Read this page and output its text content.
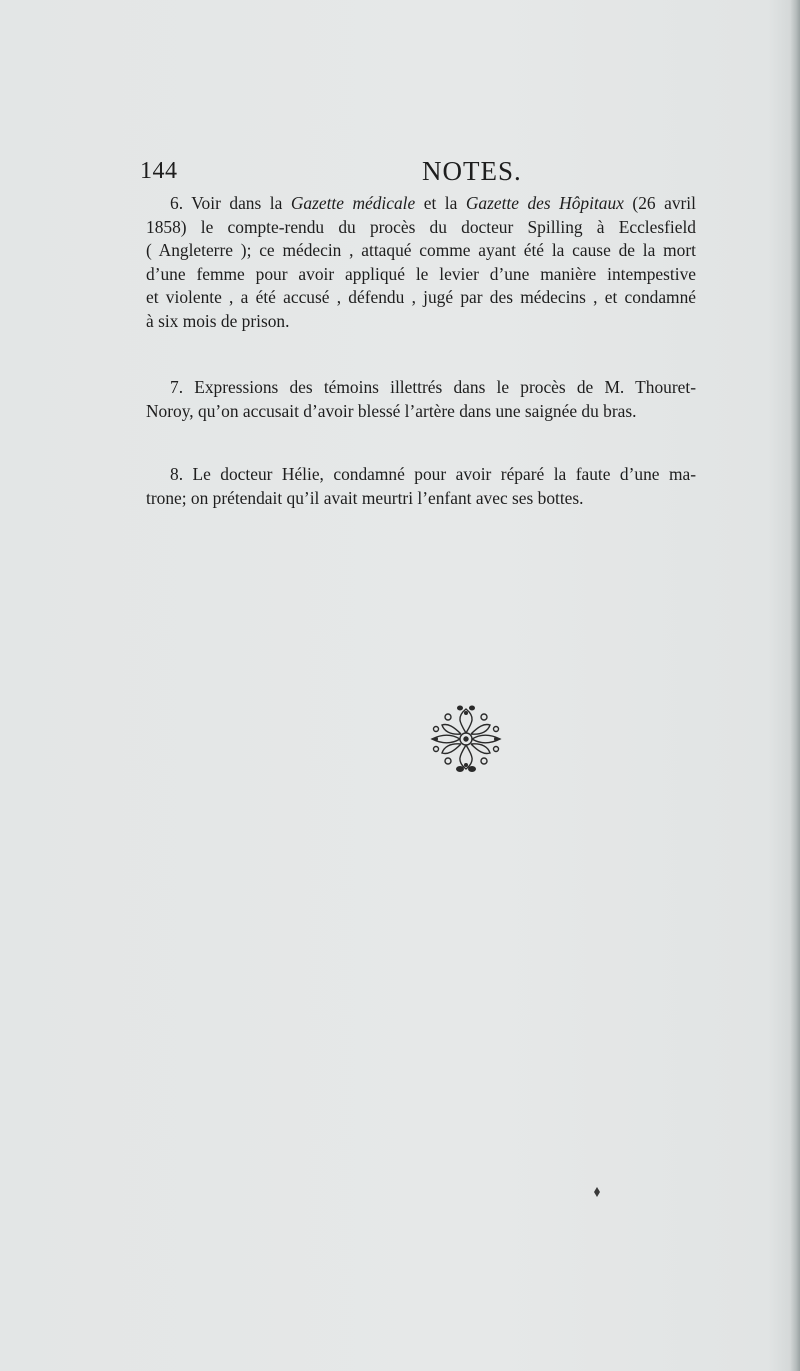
144	NOTES.
6. Voir dans la Gazette médicale et la Gazette des Hôpitaux (26 avril
1858) le compte-rendu du procès du docteur Spilling à Ecclesfield
( Angleterre ); ce médecin , attaqué comme ayant été la cause de la mort
d’une femme pour avoir appliqué le levier d’une manière intempestive
et violente , a été accusé , défendu , jugé par des médecins , et condamné
à six mois de prison.
7. Expressions des témoins illettrés dans le procès de M. Thouret-
Noroy, qu’on accusait d’avoir blessé l’artère dans une saignée du bras.
8. Le docteur Hélie, condamné pour avoir réparé la faute d’une ma-
trone; on prétendait qu’il avait meurtri l’enfant avec ses bottes.
